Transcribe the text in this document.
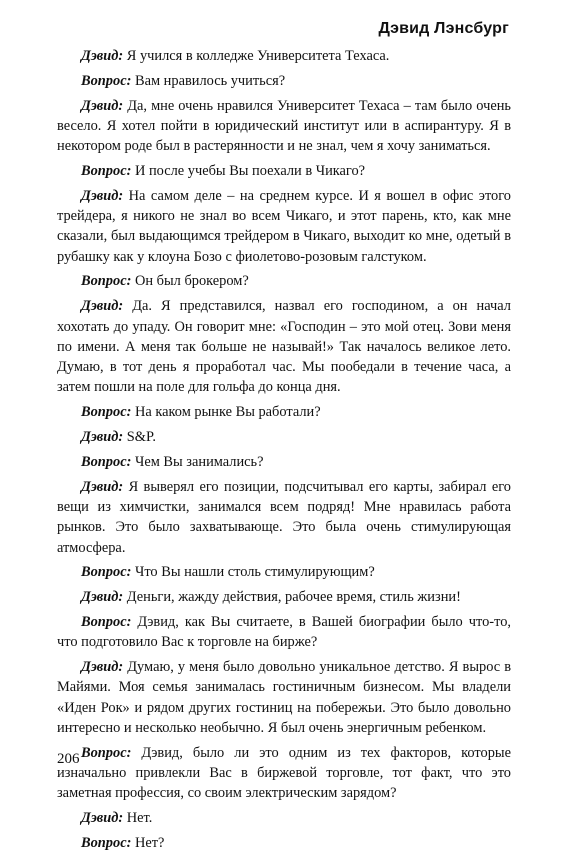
Дэвид Лэнсбург

Дэвид: Я учился в колледже Университета Техаса.

Вопрос: Вам нравилось учиться?

Дэвид: Да, мне очень нравился Университет Техаса – там было очень весело. Я хотел пойти в юридический институт или в аспирантуру. Я в некотором роде был в растерянности и не знал, чем я хочу заниматься.

Вопрос: И после учебы Вы поехали в Чикаго?

Дэвид: На самом деле – на среднем курсе. И я вошел в офис этого трейдера, я никого не знал во всем Чикаго, и этот парень, кто, как мне сказали, был выдающимся трейдером в Чикаго, выходит ко мне, одетый в рубашку как у клоуна Бозо с фиолетово-розовым галстуком.

Вопрос: Он был брокером?

Дэвид: Да. Я представился, назвал его господином, а он начал хохотать до упаду. Он говорит мне: «Господин – это мой отец. Зови меня по имени. А меня так больше не называй!» Так началось великое лето. Думаю, в тот день я проработал час. Мы пообедали в течение часа, а затем пошли на поле для гольфа до конца дня.

Вопрос: На каком рынке Вы работали?

Дэвид: S&P.

Вопрос: Чем Вы занимались?

Дэвид: Я выверял его позиции, подсчитывал его карты, забирал его вещи из химчистки, занимался всем подряд! Мне нравилась работа рынков. Это было захватывающе. Это была очень стимулирующая атмосфера.

Вопрос: Что Вы нашли столь стимулирующим?

Дэвид: Деньги, жажду действия, рабочее время, стиль жизни!

Вопрос: Дэвид, как Вы считаете, в Вашей биографии было что-то, что подготовило Вас к торговле на бирже?

Дэвид: Думаю, у меня было довольно уникальное детство. Я вырос в Майями. Моя семья занималась гостиничным бизнесом. Мы владели «Иден Рок» и рядом других гостиниц на побережьи. Это было довольно интересно и несколько необычно. Я был очень энергичным ребенком.

Вопрос: Дэвид, было ли это одним из тех факторов, которые изначально привлекли Вас в биржевой торговле, тот факт, что это заметная профессия, со своим электрическим зарядом?

Дэвид: Нет.

Вопрос: Нет?

206
